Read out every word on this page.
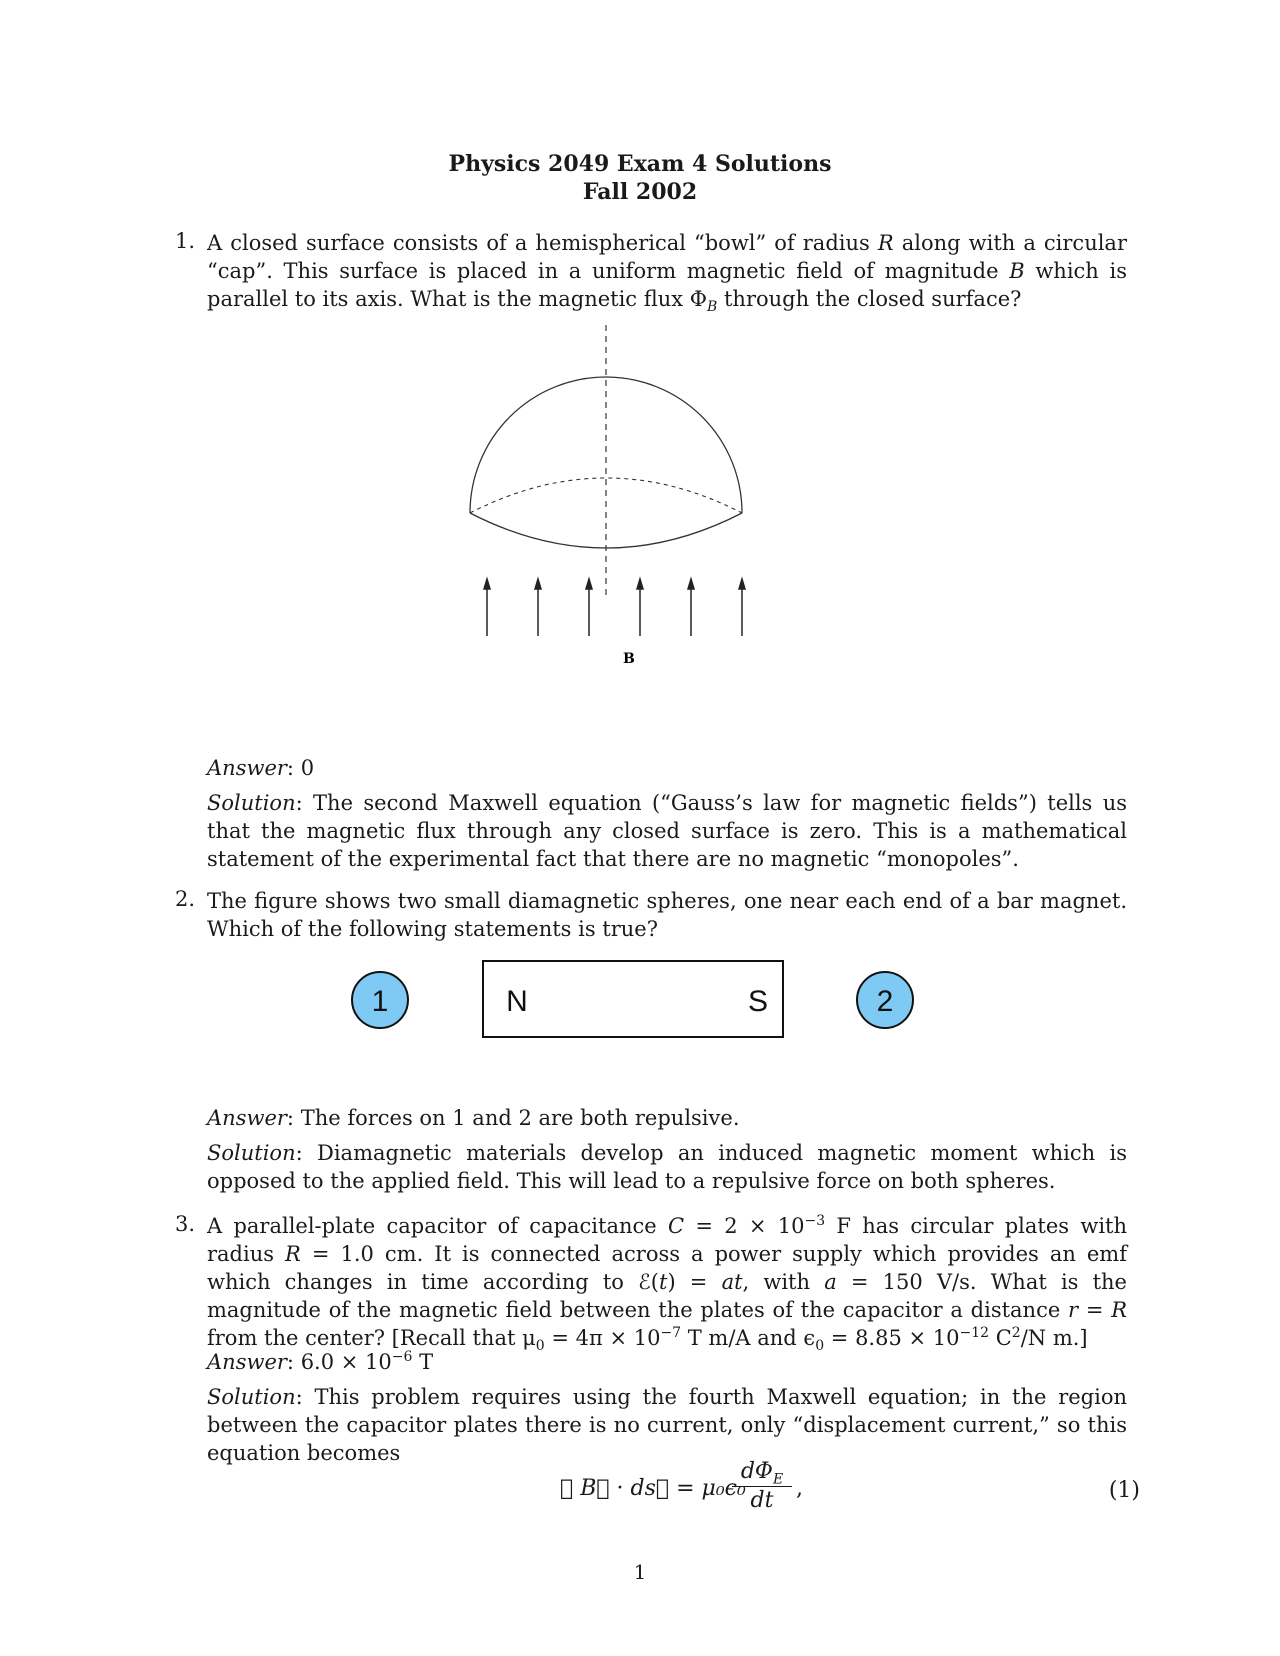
Physics 2049 Exam 4 Solutions
Fall 2002
1. A closed surface consists of a hemispherical “bowl” of radius R along with a circular “cap”. This surface is placed in a uniform magnetic field of magnitude B which is parallel to its axis. What is the magnetic flux $\Phi_B$ through the closed surface?
B
Answer: 0
Solution: The second Maxwell equation (“Gauss’s law for magnetic fields”) tells us that the magnetic flux through any closed surface is zero. This is a mathematical statement of the experimental fact that there are no magnetic “monopoles”.
2. The figure shows two small diamagnetic spheres, one near each end of a bar magnet. Which of the following statements is true?
1	N	S	2
Answer: The forces on 1 and 2 are both repulsive.
Solution: Diamagnetic materials develop an induced magnetic moment which is opposed to the applied field. This will lead to a repulsive force on both spheres.
3. A parallel-plate capacitor of capacitance $C = 2 \times 10^{-3}$ F has circular plates with radius R = 1.0 cm. It is connected across a power supply which provides an emf which changes in time according to ℰ(t) = at, with a = 150 V/s. What is the magnitude of the magnetic field between the plates of the capacitor a distance r = R from the center? [Recall that $\mu_0 = 4\pi \times 10^{-7}$ T m/A and $\epsilon_0 = 8.85 \times 10^{-12}$ $C^2/N$ m.]
Answer: $6.0 \times 10^{-6}$ T
Solution: This problem requires using the fourth Maxwell equation; in the region between the capacitor plates there is no current, only “displacement current,” so this equation becomes
∮ B⃗ · ds⃗ = μ₀ϵ₀
$d\Phi_E$
dt	,	(1)
1
